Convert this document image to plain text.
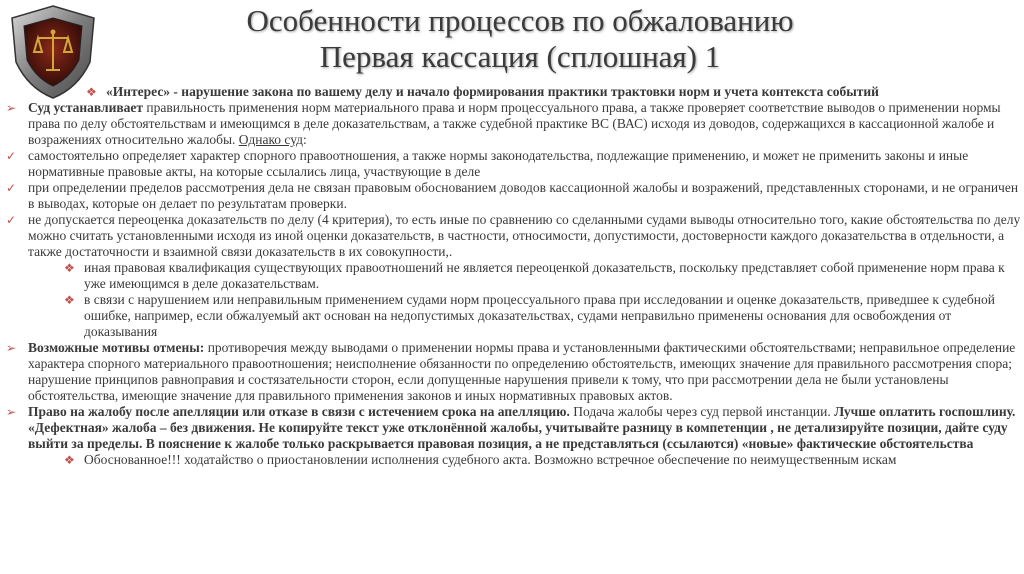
Особенности процессов по обжалованию
Первая кассация (сплошная) 1
❖ «Интерес» - нарушение закона по вашему делу и начало формирования практики трактовки норм и учета контекста событий
➢ Суд устанавливает правильность применения норм материального права и норм процессуального права, а также проверяет соответствие выводов о применении нормы права по делу обстоятельствам и имеющимся в деле доказательствам, а также судебной практике ВС (ВАС) исходя из доводов, содержащихся в кассационной жалобе и возражениях относительно жалобы. Однако суд:
✓ самостоятельно определяет характер спорного правоотношения, а также нормы законодательства, подлежащие применению, и может не применить законы и иные нормативные правовые акты, на которые ссылались лица, участвующие в деле
✓ при определении пределов рассмотрения дела не связан правовым обоснованием доводов кассационной жалобы и возражений, представленных сторонами, и не ограничен в выводах, которые он делает по результатам проверки.
✓ не допускается переоценка доказательств по делу (4 критерия), то есть иные по сравнению со сделанными судами выводы относительно того, какие обстоятельства по делу можно считать установленными исходя из иной оценки доказательств, в частности, относимости, допустимости, достоверности каждого доказательства в отдельности, а также достаточности и взаимной связи доказательств в их совокупности,.
❖ иная правовая квалификация существующих правоотношений не является переоценкой доказательств, поскольку представляет собой применение норм права к уже имеющимся в деле доказательствам.
❖ в связи с нарушением или неправильным применением судами норм процессуального права при исследовании и оценке доказательств, приведшее к судебной ошибке, например, если обжалуемый акт основан на недопустимых доказательствах, судами неправильно применены основания для освобождения от доказывания
➢ Возможные мотивы отмены: противоречия между выводами о применении нормы права и установленными фактическими обстоятельствами; неправильное определение характера спорного материального правоотношения; неисполнение обязанности по определению обстоятельств, имеющих значение для правильного рассмотрения спора; нарушение принципов равноправия и состязательности сторон, если допущенные нарушения привели к тому, что при рассмотрении дела не были установлены обстоятельства, имеющие значение для правильного применения законов и иных нормативных правовых актов.
➢ Право на жалобу после апелляции или отказе в связи с истечением срока на апелляцию. Подача жалобы через суд первой инстанции. Лучше оплатить госпошлину. «Дефектная» жалоба – без движения. Не копируйте текст уже отклонённой жалобы, учитывайте разницу в компетенции , не детализируйте позиции, дайте суду выйти за пределы. В пояснение к жалобе только раскрывается правовая позиция, а не представляться (ссылаются) «новые» фактические обстоятельства
❖ Обоснованное!!! ходатайство о приостановлении исполнения судебного акта. Возможно встречное обеспечение по неимущественным искам
